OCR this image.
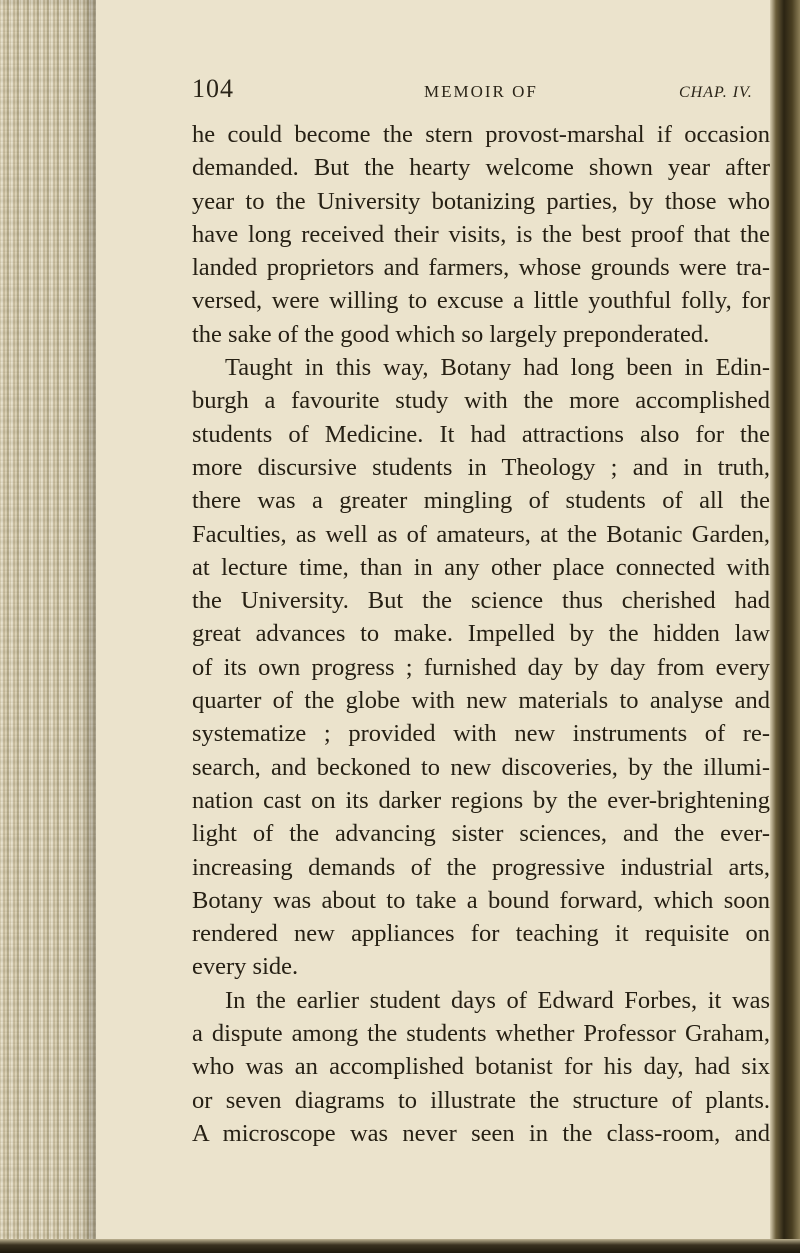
104	MEMOIR OF	CHAP. IV.
he could become the stern provost-marshal if occasion
demanded. But the hearty welcome shown year after
year to the University botanizing parties, by those who
have long received their visits, is the best proof that the
landed proprietors and farmers, whose grounds were tra-
versed, were willing to excuse a little youthful folly, for
the sake of the good which so largely preponderated.
Taught in this way, Botany had long been in Edin-
burgh a favourite study with the more accomplished
students of Medicine. It had attractions also for the
more discursive students in Theology ; and in truth,
there was a greater mingling of students of all the
Faculties, as well as of amateurs, at the Botanic Garden,
at lecture time, than in any other place connected with
the University. But the science thus cherished had
great advances to make. Impelled by the hidden law
of its own progress ; furnished day by day from every
quarter of the globe with new materials to analyse and
systematize ; provided with new instruments of re-
search, and beckoned to new discoveries, by the illumi-
nation cast on its darker regions by the ever-brightening
light of the advancing sister sciences, and the ever-
increasing demands of the progressive industrial arts,
Botany was about to take a bound forward, which soon
rendered new appliances for teaching it requisite on
every side.
In the earlier student days of Edward Forbes, it was
a dispute among the students whether Professor Graham,
who was an accomplished botanist for his day, had six
or seven diagrams to illustrate the structure of plants.
A microscope was never seen in the class-room, and
